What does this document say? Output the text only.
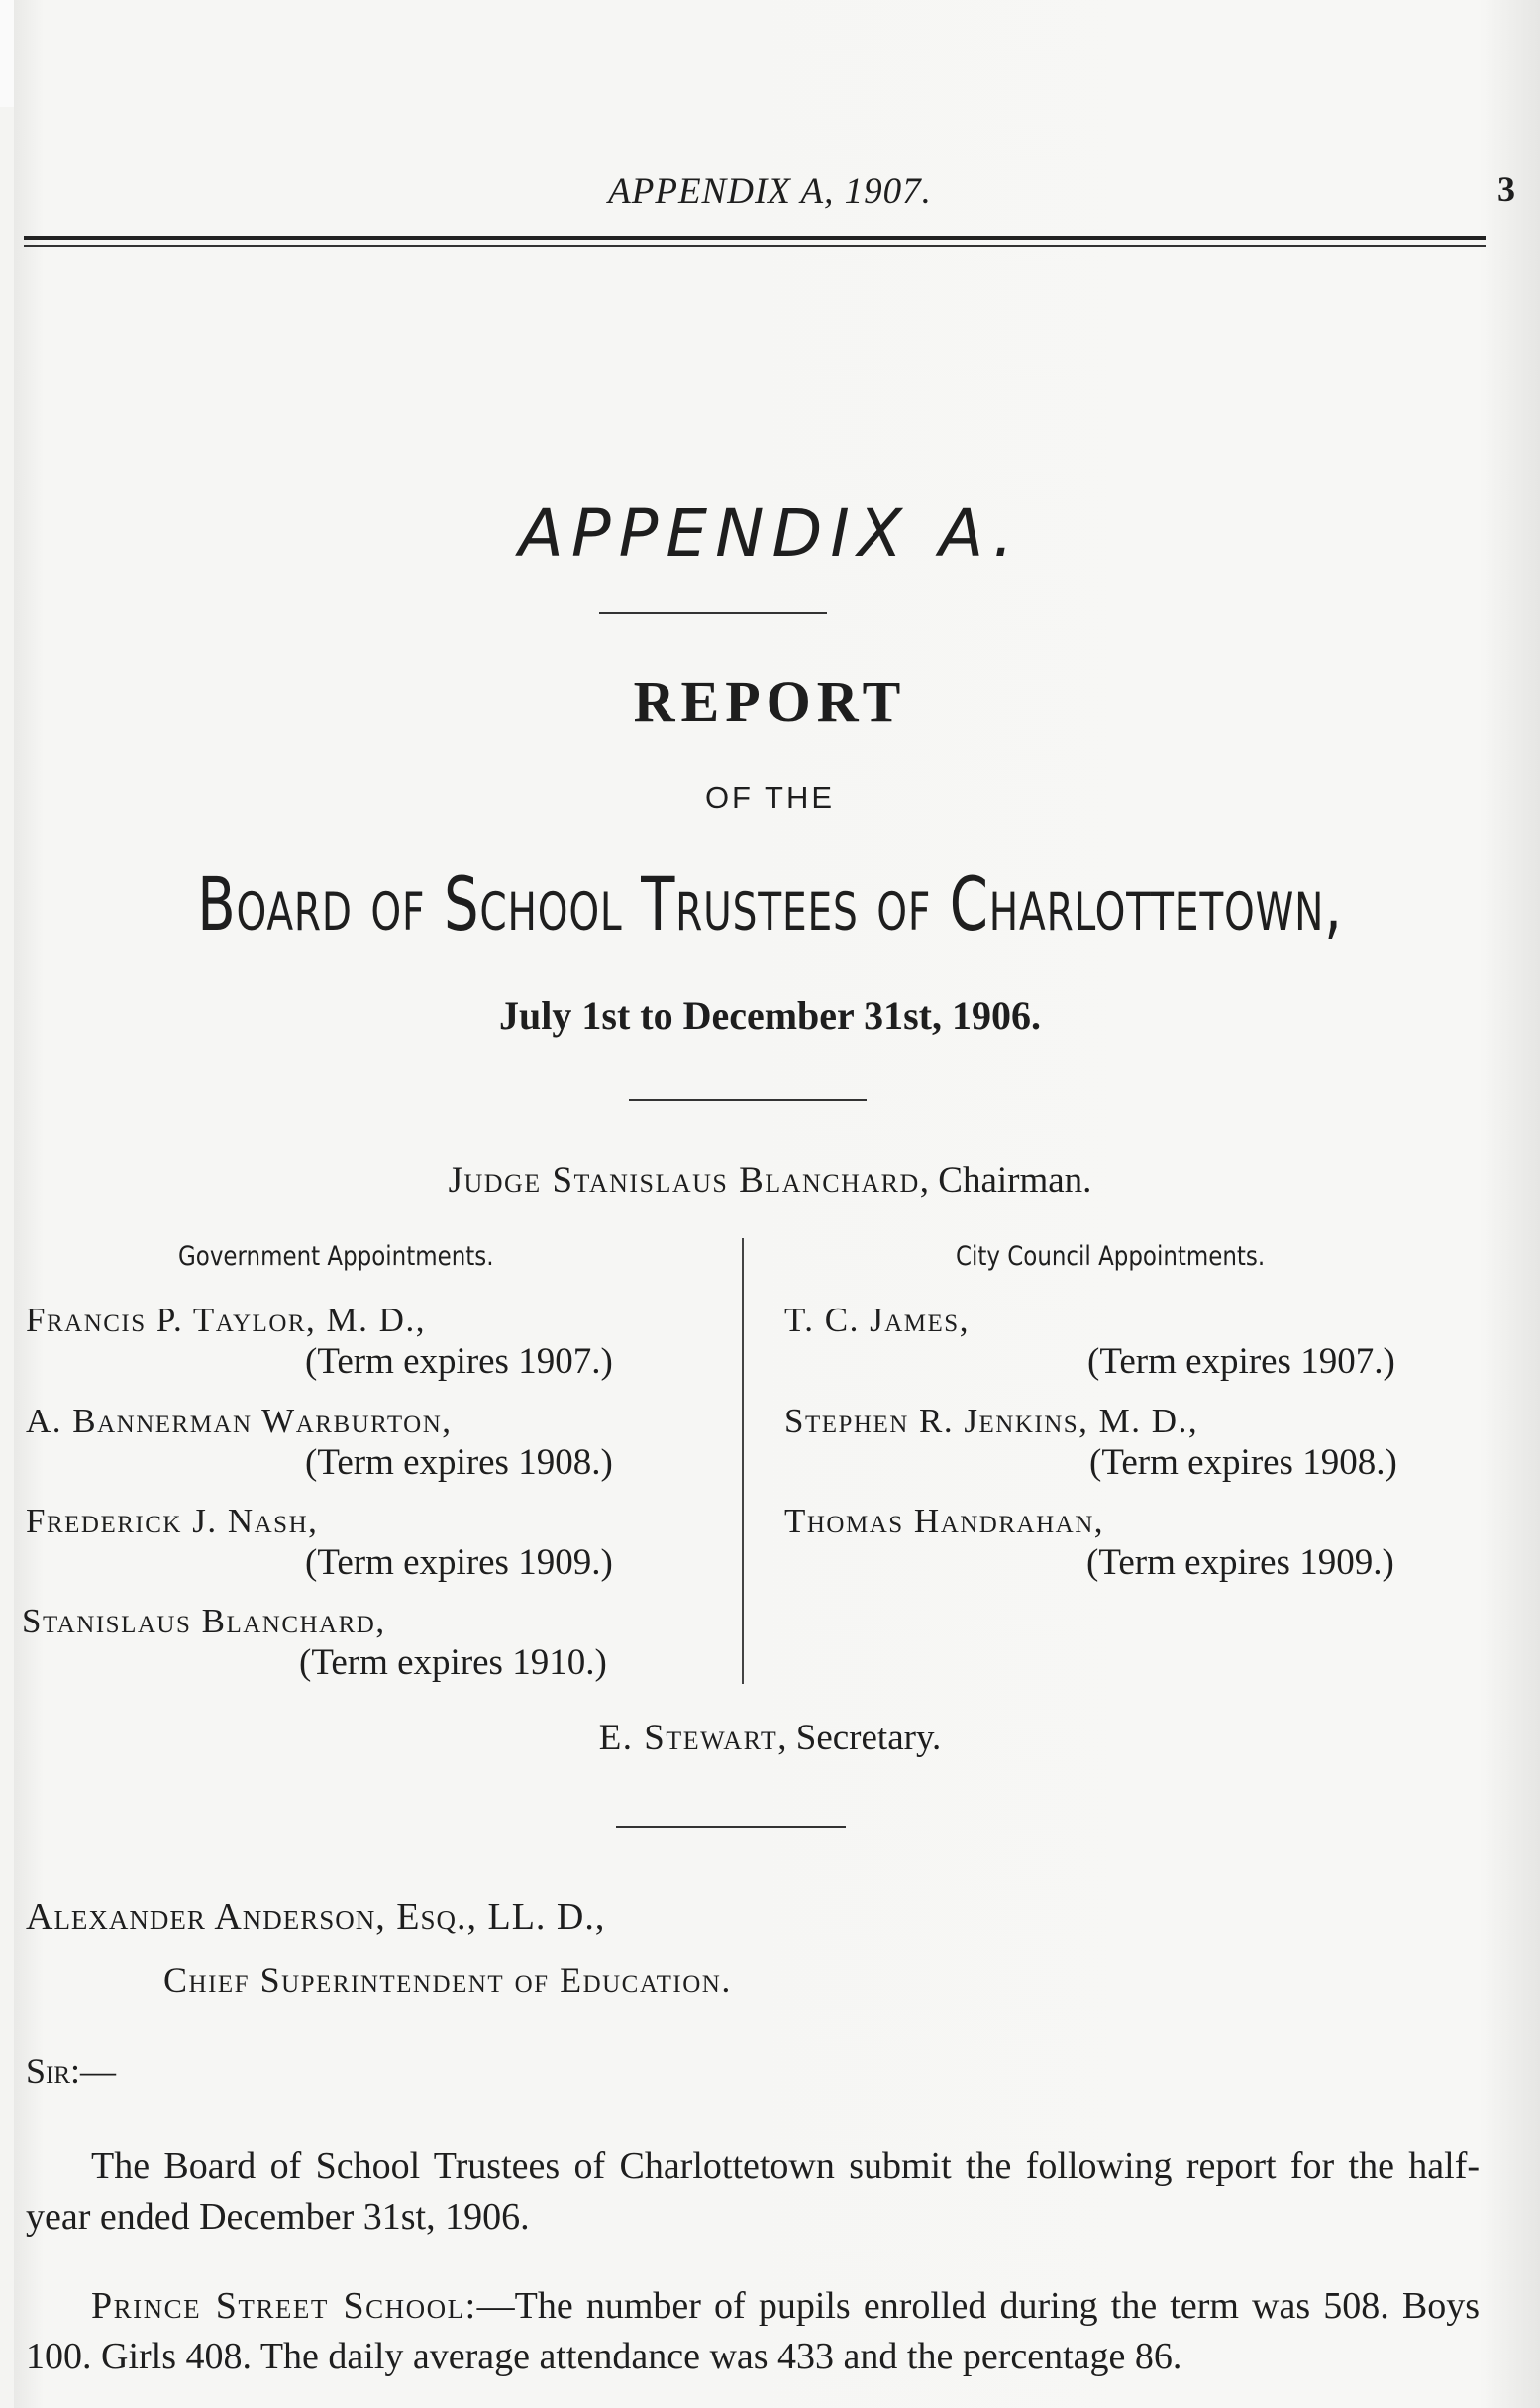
APPENDIX A, 1907.	3
APPENDIX A.
REPORT
OF THE
Board of School Trustees of Charlottetown,
July 1st to December 31st, 1906.
Judge Stanislaus Blanchard, Chairman.
Government Appointments.	City Council Appointments.
Francis P. Taylor, M. D.,
(Term expires 1907.)
A. Bannerman Warburton,
(Term expires 1908.)
Frederick J. Nash,
(Term expires 1909.)
Stanislaus Blanchard,
(Term expires 1910.)
T. C. James,
(Term expires 1907.)
Stephen R. Jenkins, M. D.,
(Term expires 1908.)
Thomas Handrahan,
(Term expires 1909.)
E. Stewart, Secretary.
Alexander Anderson, Esq., LL. D.,
Chief Superintendent of Education.
Sir:—
The Board of School Trustees of Charlottetown submit the following report for the half-year ended December 31st, 1906.
Prince Street School:—The number of pupils enrolled during the term was 508. Boys 100. Girls 408. The daily average attendance was 433 and the percentage 86.
